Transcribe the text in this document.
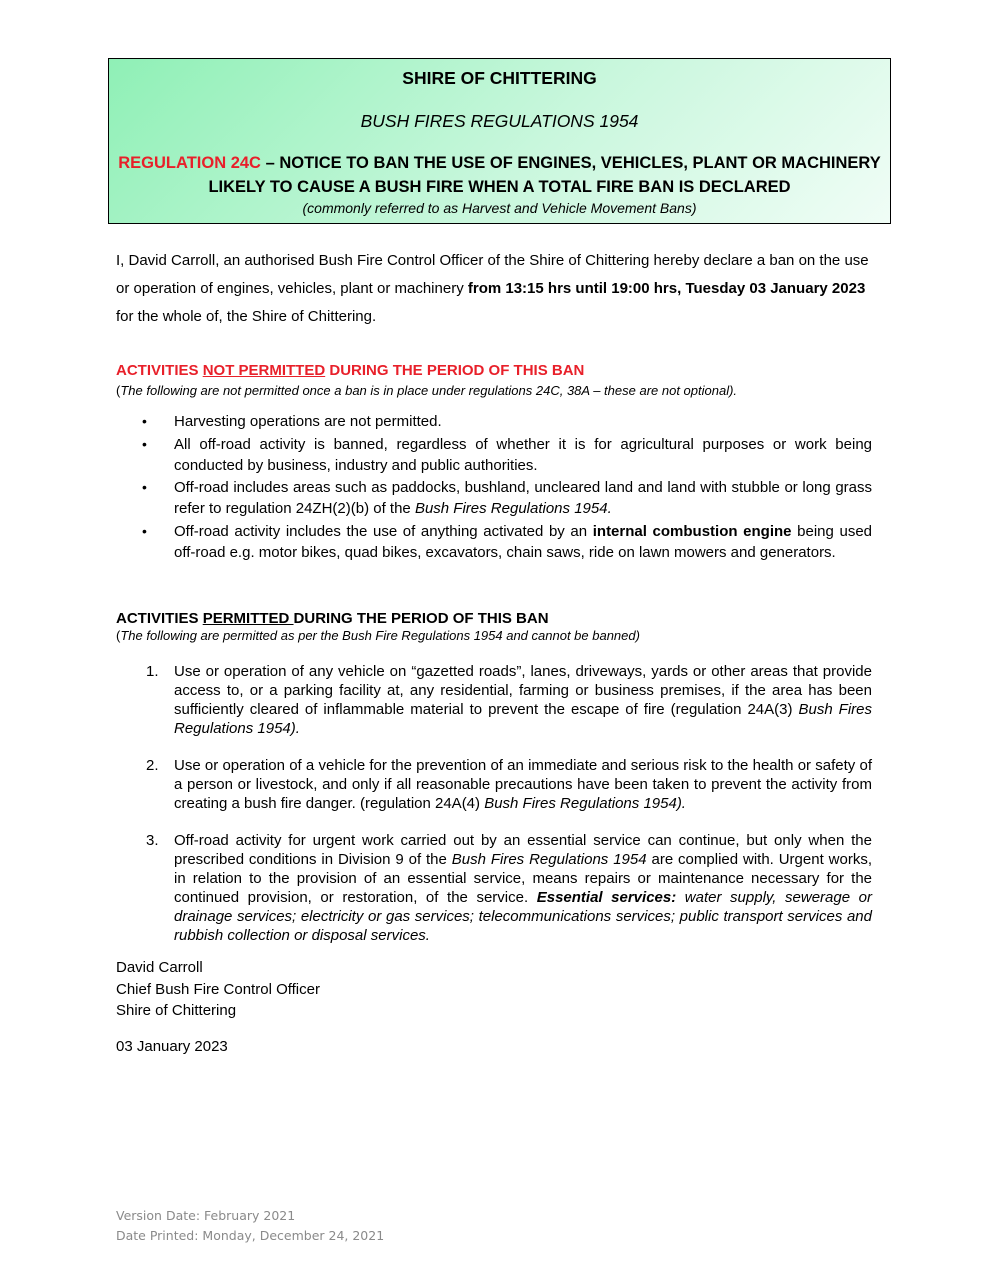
SHIRE OF CHITTERING
BUSH FIRES REGULATIONS 1954
REGULATION 24C – NOTICE TO BAN THE USE OF ENGINES, VEHICLES, PLANT OR MACHINERY LIKELY TO CAUSE A BUSH FIRE WHEN A TOTAL FIRE BAN IS DECLARED
(commonly referred to as Harvest and Vehicle Movement Bans)

I, David Carroll, an authorised Bush Fire Control Officer of the Shire of Chittering hereby declare a ban on the use or operation of engines, vehicles, plant or machinery from 13:15 hrs until 19:00 hrs, Tuesday 03 January 2023 for the whole of, the Shire of Chittering.

ACTIVITIES NOT PERMITTED DURING THE PERIOD OF THIS BAN
(The following are not permitted once a ban is in place under regulations 24C, 38A – these are not optional).
• Harvesting operations are not permitted.
• All off-road activity is banned, regardless of whether it is for agricultural purposes or work being conducted by business, industry and public authorities.
• Off-road includes areas such as paddocks, bushland, uncleared land and land with stubble or long grass refer to regulation 24ZH(2)(b) of the Bush Fires Regulations 1954.
• Off-road activity includes the use of anything activated by an internal combustion engine being used off-road e.g. motor bikes, quad bikes, excavators, chain saws, ride on lawn mowers and generators.
ACTIVITIES PERMITTED DURING THE PERIOD OF THIS BAN
(The following are permitted as per the Bush Fire Regulations 1954 and cannot be banned)
1. Use or operation of any vehicle on “gazetted roads”, lanes, driveways, yards or other areas that provide access to, or a parking facility at, any residential, farming or business premises, if the area has been sufficiently cleared of inflammable material to prevent the escape of fire (regulation 24A(3) Bush Fires Regulations 1954).
2. Use or operation of a vehicle for the prevention of an immediate and serious risk to the health or safety of a person or livestock, and only if all reasonable precautions have been taken to prevent the activity from creating a bush fire danger. (regulation 24A(4) Bush Fires Regulations 1954).
3. Off-road activity for urgent work carried out by an essential service can continue, but only when the prescribed conditions in Division 9 of the Bush Fires Regulations 1954 are complied with. Urgent works, in relation to the provision of an essential service, means repairs or maintenance necessary for the continued provision, or restoration, of the service. Essential services: water supply, sewerage or drainage services; electricity or gas services; telecommunications services; public transport services and rubbish collection or disposal services.
David Carroll
Chief Bush Fire Control Officer
Shire of Chittering
03 January 2023
Version Date: February 2021
Date Printed: Monday, December 24, 2021
